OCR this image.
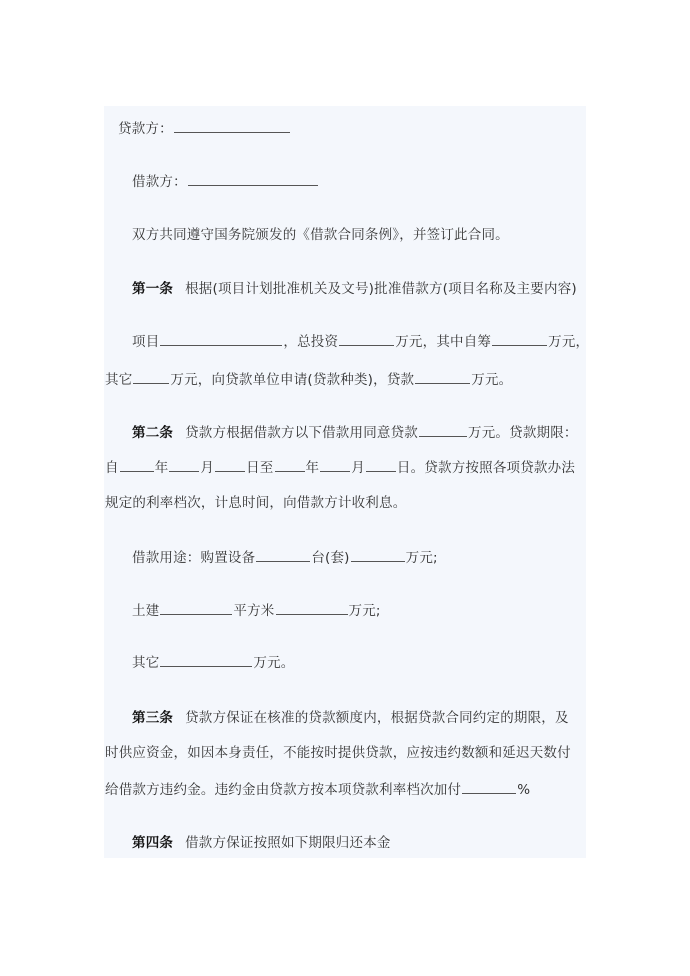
贷款方：
借款方：
双方共同遵守国务院颁发的《借款合同条例》，并签订此合同。
第一条 根据(项目计划批准机关及文号)批准借款方(项目名称及主要内容)
项目	，总投资	万元，其中自筹	万元，
其它	万元，向贷款单位申请(贷款种类)，贷款	万元。
第二条 贷款方根据借款方以下借款用同意贷款	万元。贷款期限：
自	年 月 日至 年 月 日。贷款方按照各项贷款办法
规定的利率档次，计息时间，向借款方计收利息。
借款用途：购置设备	台(套)	万元;
土建	平方米	万元;
其它	万元。
第三条 贷款方保证在核准的贷款额度内，根据贷款合同约定的期限，及
时供应资金，如因本身责任，不能按时提供贷款，应按违约数额和延迟天数付
给借款方违约金。违约金由贷款方按本项贷款利率档次加付	%
第四条 借款方保证按照如下期限归还本金
